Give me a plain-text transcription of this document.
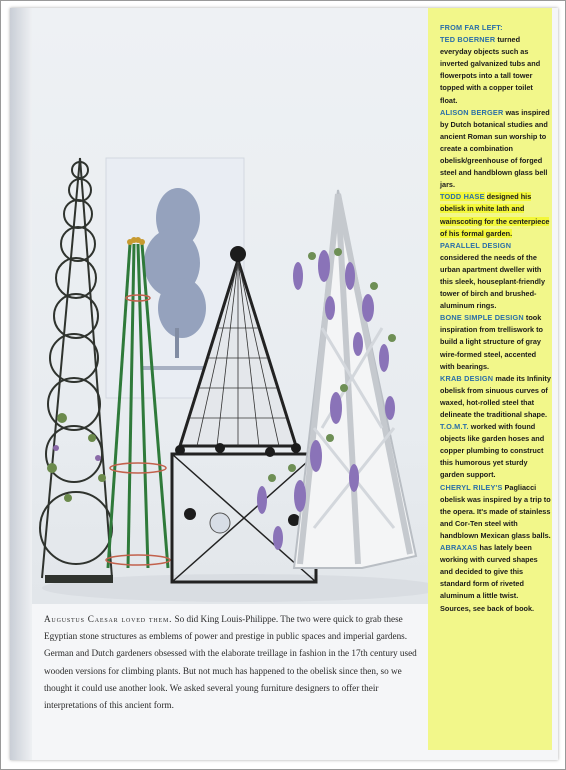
FROM FAR LEFT:

TED BOERNER turned everyday objects such as inverted galvanized tubs and flowerpots into a tall tower topped with a copper toilet float.

ALISON BERGER was inspired by Dutch botanical studies and ancient Roman sun worship to create a combination obelisk/greenhouse of forged steel and handblown glass bell jars.

TODD HASE designed his obelisk in white lath and wainscoting for the centerpiece of his formal garden.

PARALLEL DESIGN considered the needs of the urban apartment dweller with this sleek, houseplant-friendly tower of birch and brushed-aluminum rings.

BONE SIMPLE DESIGN took inspiration from trelliswork to build a light structure of gray wire-formed steel, accented with bearings.

KRAB DESIGN made its Infinity obelisk from sinuous curves of waxed, hot-rolled steel that delineate the traditional shape.

T.O.M.T. worked with found objects like garden hoses and copper plumbing to construct this humorous yet sturdy garden support.

CHERYL RILEY'S Pagliacci obelisk was inspired by a trip to the opera. It's made of stainless and Cor-Ten steel with handblown Mexican glass balls.

ABRAXAS has lately been working with curved shapes and decided to give this standard form of riveted aluminum a little twist.

Sources, see back of book.

Augustus Caesar loved them. So did King Louis-Philippe. The two were quick to grab these Egyptian stone structures as emblems of power and prestige in public spaces and imperial gardens. German and Dutch gardeners obsessed with the elaborate treillage in fashion in the 17th century used wooden versions for climbing plants. But not much has happened to the obelisk since then, so we thought it could use another look. We asked several young furniture designers to offer their interpretations of this ancient form.
